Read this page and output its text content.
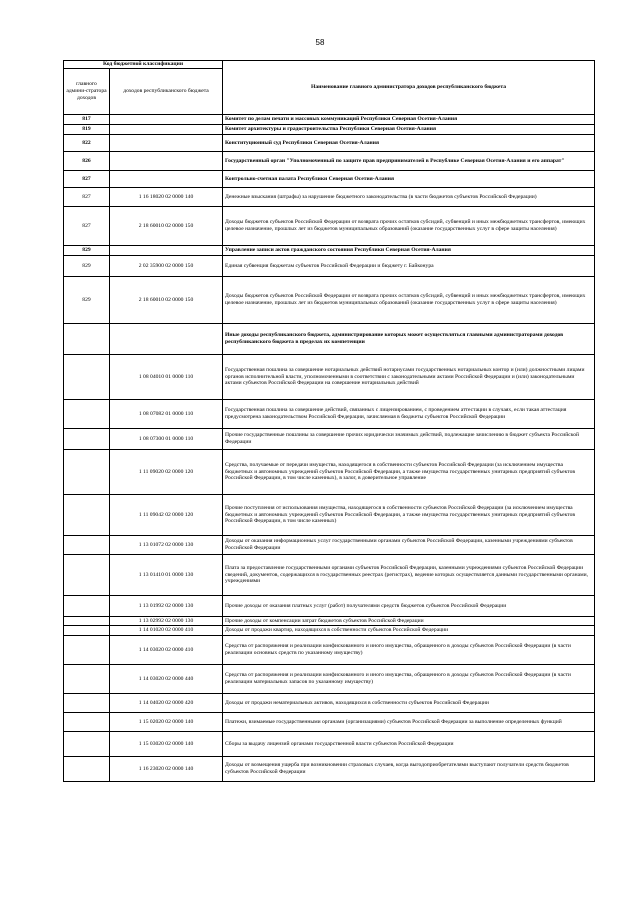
58
Код бюджетной классификации		Наименование главного администратора доходов республиканского бюджета
главного админи-стратора доходов	доходов республиканского бюджета	
817		Комитет по делам печати и массовых коммуникаций Республики Северная Осетия-Алания
819		Комитет архитектуры и градостроительства Республики Северная Осетия-Алания
822		Конституционный суд Республики Северная Осетия-Алания
826		Государственный орган "Уполномоченный по защите прав предпринимателей в Республике Северная Осетия-Алания и его аппарат"
827		Контрольно-счетная палата Республики Северная Осетия-Алания
827	1 16 18020 02 0000 140	Денежные взыскания (штрафы) за нарушение бюджетного законодательства (в части бюджетов субъектов Российской Федерации)
827	2 18 60010 02 0000 150	Доходы бюджетов субъектов Российской Федерации от возврата прочих остатков субсидий, субвенций и иных межбюджетных трансфертов, имеющих целевое назначение, прошлых лет из бюджетов муниципальных образований (оказание государственных услуг в сфере защиты населения)
829		Управление записи актов гражданского состояния Республики Северная Осетия-Алания
829	2 02 35900 02 0000 150	Единая субвенция бюджетам субъектов Российской Федерации и бюджету г. Байконура
829	2 18 60010 02 0000 150	Доходы бюджетов субъектов Российской Федерации от возврата прочих остатков субсидий, субвенций и иных межбюджетных трансфертов, имеющих целевое назначение, прошлых лет из бюджетов муниципальных образований (оказание государственных услуг в сфере защиты населения)
		Иные доходы республиканского бюджета, администрирование которых может осуществляться главными администраторами доходов республиканского бюджета в пределах их компетенции
	1 08 04010 01 0000 110	Государственная пошлина за совершение нотариальных действий нотариусами государственных нотариальных контор и (или) должностными лицами органов исполнительной власти, уполномоченными в соответствии с законодательными актами Российской Федерации и (или) законодательными актами субъектов Российской Федерации на совершение нотариальных действий
	1 08 07082 01 0000 110	Государственная пошлина за совершение действий, связанных с лицензированием, с проведением аттестации в случаях, если такая аттестация предусмотрена законодательством Российской Федерации, зачисляемая в бюджеты субъектов Российской Федерации
	1 08 07300 01 0000 110	Прочие государственные пошлины за совершение прочих юридически значимых действий, подлежащие зачислению в бюджет субъекта Российской Федерации
	1 11 09020 02 0000 120	Средства, получаемые от передачи имущества, находящегося в собственности субъектов Российской Федерации (за исключением имущества бюджетных и автономных учреждений субъектов Российской Федерации, а также имущества государственных унитарных предприятий субъектов Российской Федерации, в том числе казенных), в залог, в доверительное управление
	1 11 09042 02 0000 120	Прочие поступления от использования имущества, находящегося в собственности субъектов Российской Федерации (за исключением имущества бюджетных и автономных учреждений субъектов Российской Федерации, а также имущества государственных унитарных предприятий субъектов Российской Федерации, в том числе казенных)
	1 13 01072 02 0000 130	Доходы от оказания информационных услуг государственными органами субъектов Российской Федерации, казенными учреждениями субъектов Российской Федерации
	1 13 01410 01 0000 130	Плата за предоставление государственными органами субъектов Российской Федерации, казенными учреждениями субъектов Российской Федерации сведений, документов, содержащихся в государственных реестрах (регистрах), ведение которых осуществляется данными государственными органами, учреждениями
	1 13 01992 02 0000 130	Прочие доходы от оказания платных услуг (работ) получателями средств бюджетов субъектов Российской Федерации
	1 13 02992 02 0000 130	Прочие доходы от компенсации затрат бюджетов субъектов Российской Федерации
	1 14 01020 02 0000 410	Доходы от продажи квартир, находящихся в собственности субъектов Российской Федерации
	1 14 03020 02 0000 410	Средства от распоряжения и реализации конфискованного и иного имущества, обращенного в доходы субъектов Российской Федерации (в части реализации основных средств по указанному имуществу)
	1 14 03020 02 0000 440	Средства от распоряжения и реализации конфискованного и иного имущества, обращенного в доходы субъектов Российской Федерации (в части реализации материальных запасов по указанному имуществу)
	1 14 04020 02 0000 420	Доходы от продажи нематериальных активов, находящихся в собственности субъектов Российской Федерации
	1 15 02020 02 0000 140	Платежи, взимаемые государственными органами (организациями) субъектов Российской Федерации за выполнение определенных функций
	1 15 03020 02 0000 140	Сборы за выдачу лицензий органами государственной власти субъектов Российской Федерации
	1 16 23020 02 0000 140	Доходы от возмещения ущерба при возникновении страховых случаев, когда выгодоприобретателями выступают получатели средств бюджетов субъектов Российской Федерации
